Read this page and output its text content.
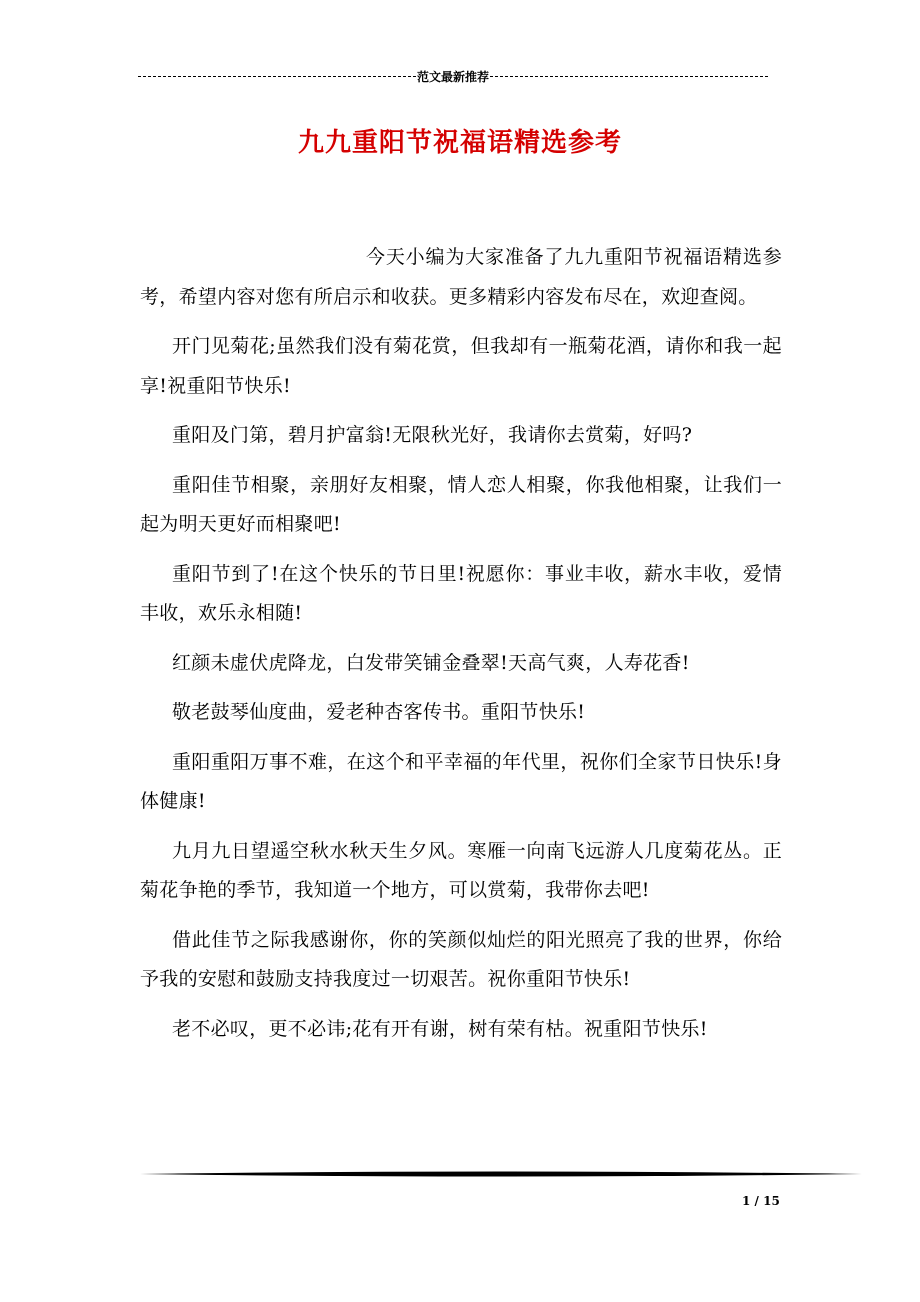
范文最新推荐
九九重阳节祝福语精选参考

今天小编为大家准备了九九重阳节祝福语精选参考，希望内容对您有所启示和收获。更多精彩内容发布尽在，欢迎查阅。

开门见菊花;虽然我们没有菊花赏，但我却有一瓶菊花酒，请你和我一起享!祝重阳节快乐!

重阳及门第，碧月护富翁!无限秋光好，我请你去赏菊，好吗?

重阳佳节相聚，亲朋好友相聚，情人恋人相聚，你我他相聚，让我们一起为明天更好而相聚吧!

重阳节到了!在这个快乐的节日里!祝愿你：事业丰收，薪水丰收，爱情丰收，欢乐永相随!

红颜未虚伏虎降龙，白发带笑铺金叠翠!天高气爽，人寿花香!

敬老鼓琴仙度曲，爱老种杏客传书。重阳节快乐!

重阳重阳万事不难，在这个和平幸福的年代里，祝你们全家节日快乐!身体健康!

九月九日望遥空秋水秋天生夕风。寒雁一向南飞远游人几度菊花丛。正菊花争艳的季节，我知道一个地方，可以赏菊，我带你去吧!

借此佳节之际我感谢你，你的笑颜似灿烂的阳光照亮了我的世界，你给予我的安慰和鼓励支持我度过一切艰苦。祝你重阳节快乐!

老不必叹，更不必讳;花有开有谢，树有荣有枯。祝重阳节快乐!

1 / 15
